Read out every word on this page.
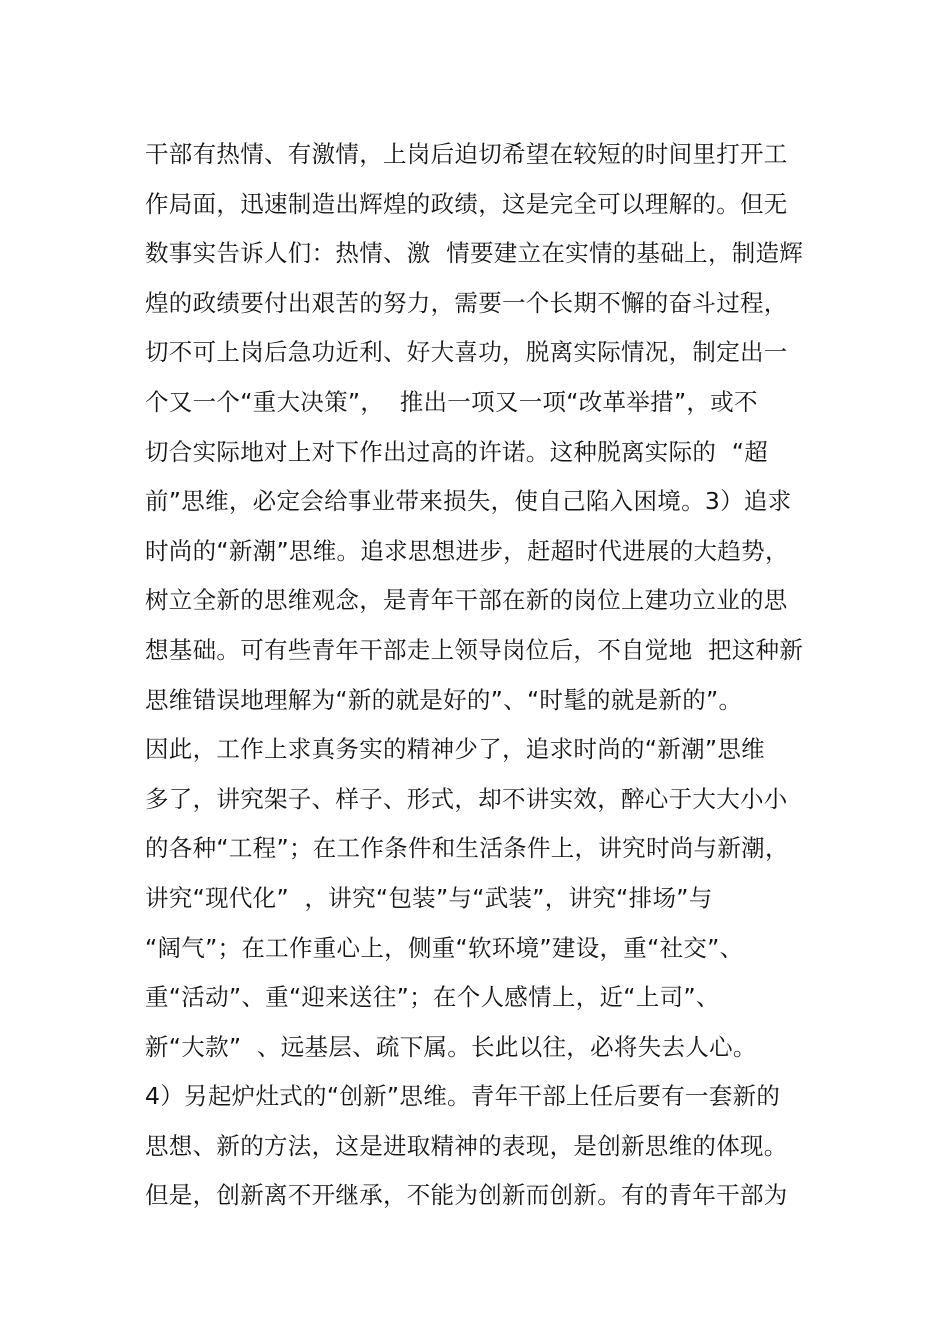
干部有热情、有激情，上岗后迫切希望在较短的时间里打开工
作局面，迅速制造出辉煌的政绩，这是完全可以理解的。但无
数事实告诉人们：热情、激  情要建立在实情的基础上，制造辉
煌的政绩要付出艰苦的努力，需要一个长期不懈的奋斗过程，
切不可上岗后急功近利、好大喜功，脱离实际情况，制定出一
个又一个“重大决策”，  推出一项又一项“改革举措”，或不
切合实际地对上对下作出过高的许诺。这种脱离实际的  “超
前”思维，必定会给事业带来损失，使自己陷入困境。3）追求
时尚的“新潮”思维。追求思想进步，赶超时代进展的大趋势，
树立全新的思维观念，是青年干部在新的岗位上建功立业的思
想基础。可有些青年干部走上领导岗位后，不自觉地  把这种新
思维错误地理解为“新的就是好的”、“时髦的就是新的”。
因此，工作上求真务实的精神少了，追求时尚的“新潮”思维
多了，讲究架子、样子、形式，却不讲实效，醉心于大大小小
的各种“工程”；在工作条件和生活条件上，讲究时尚与新潮，
讲究“现代化”  ，讲究“包装”与“武装”，讲究“排场”与
“阔气”；在工作重心上，侧重“软环境”建设，重“社交”、
重“活动”、重“迎来送往”；在个人感情上，近“上司”、
新“大款”  、远基层、疏下属。长此以往，必将失去人心。
4）另起炉灶式的“创新”思维。青年干部上任后要有一套新的
思想、新的方法，这是进取精神的表现，是创新思维的体现。
但是，创新离不开继承，不能为创新而创新。有的青年干部为
